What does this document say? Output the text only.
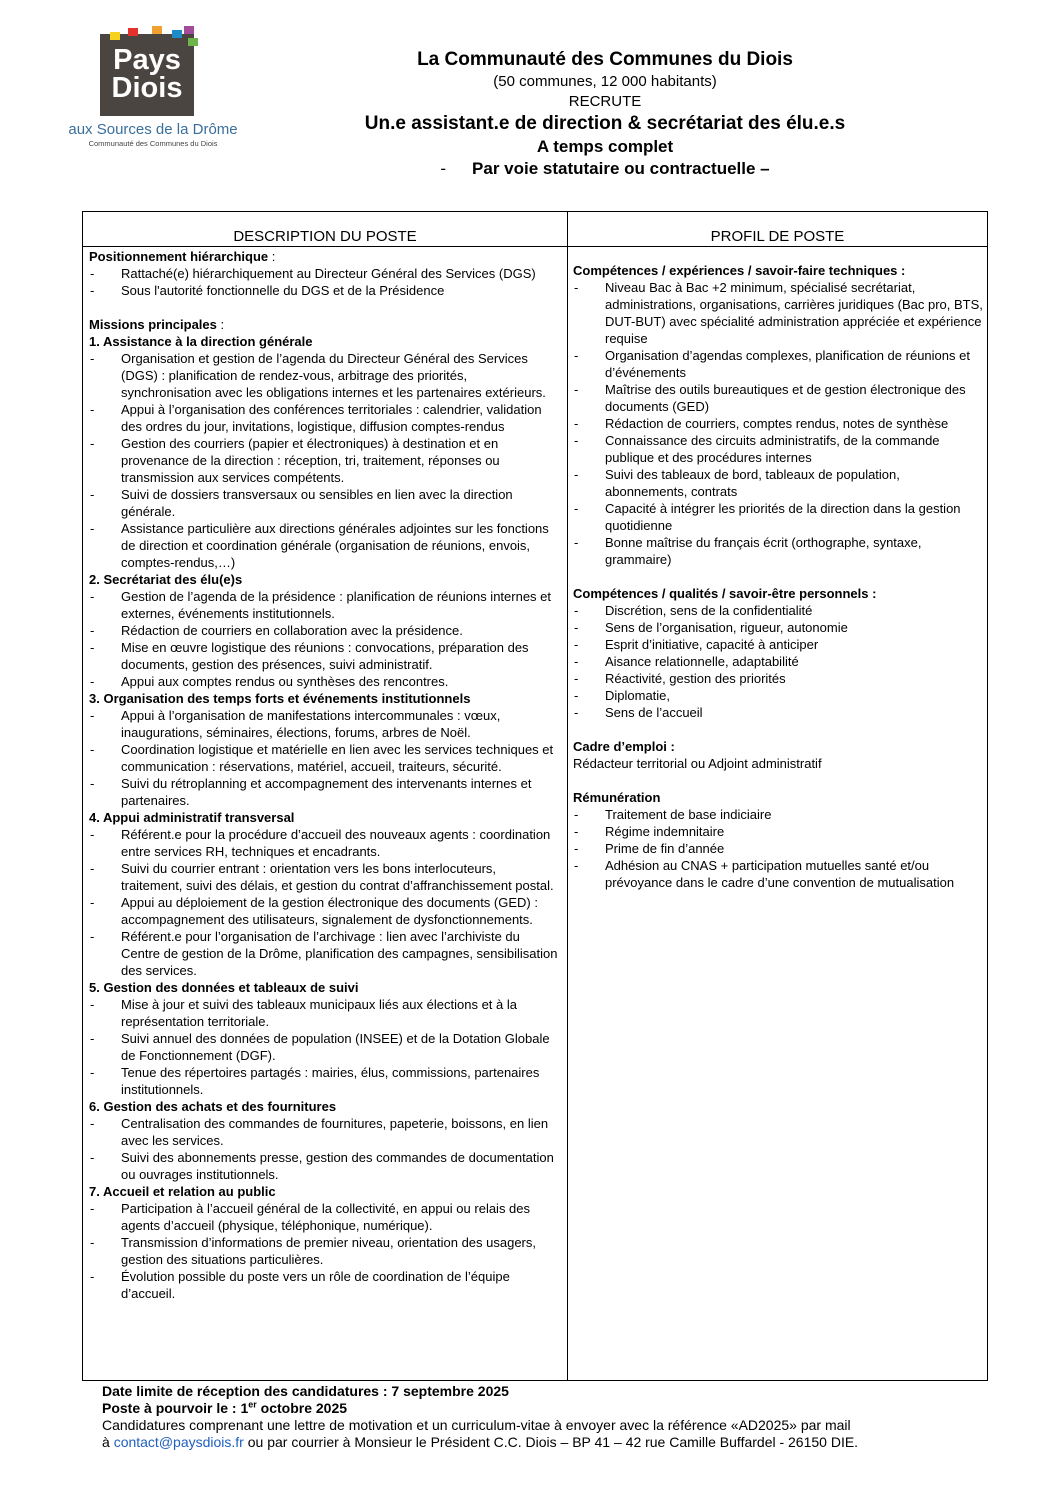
Pays
Diois
aux Sources de la Drôme
Communauté des Communes du Diois
La Communauté des Communes du Diois
(50 communes, 12 000 habitants)
RECRUTE
Un.e assistant.e de direction & secrétariat des élu.e.s
A temps complet
- Par voie statutaire ou contractuelle –
DESCRIPTION DU POSTE	PROFIL DE POSTE
Positionnement hiérarchique :
- Rattaché(e) hiérarchiquement au Directeur Général des Services (DGS)
- Sous l'autorité fonctionnelle du DGS et de la Présidence
Missions principales :
1. Assistance à la direction générale
- Organisation et gestion de l’agenda du Directeur Général des Services (DGS) : planification de rendez-vous, arbitrage des priorités, synchronisation avec les obligations internes et les partenaires extérieurs.
- Appui à l’organisation des conférences territoriales : calendrier, validation des ordres du jour, invitations, logistique, diffusion comptes-rendus
- Gestion des courriers (papier et électroniques) à destination et en provenance de la direction : réception, tri, traitement, réponses ou transmission aux services compétents.
- Suivi de dossiers transversaux ou sensibles en lien avec la direction générale.
- Assistance particulière aux directions générales adjointes sur les fonctions de direction et coordination générale (organisation de réunions, envois, comptes-rendus,…)
2. Secrétariat des élu(e)s
- Gestion de l’agenda de la présidence : planification de réunions internes et externes, événements institutionnels.
- Rédaction de courriers en collaboration avec la présidence.
- Mise en œuvre logistique des réunions : convocations, préparation des documents, gestion des présences, suivi administratif.
- Appui aux comptes rendus ou synthèses des rencontres.
3. Organisation des temps forts et événements institutionnels
- Appui à l’organisation de manifestations intercommunales : vœux, inaugurations, séminaires, élections, forums, arbres de Noël.
- Coordination logistique et matérielle en lien avec les services techniques et communication : réservations, matériel, accueil, traiteurs, sécurité.
- Suivi du rétroplanning et accompagnement des intervenants internes et partenaires.
4. Appui administratif transversal
- Référent.e pour la procédure d’accueil des nouveaux agents : coordination entre services RH, techniques et encadrants.
- Suivi du courrier entrant : orientation vers les bons interlocuteurs, traitement, suivi des délais, et gestion du contrat d’affranchissement postal.
- Appui au déploiement de la gestion électronique des documents (GED) : accompagnement des utilisateurs, signalement de dysfonctionnements.
- Référent.e pour l’organisation de l’archivage : lien avec l’archiviste du Centre de gestion de la Drôme, planification des campagnes, sensibilisation des services.
5. Gestion des données et tableaux de suivi
- Mise à jour et suivi des tableaux municipaux liés aux élections et à la représentation territoriale.
- Suivi annuel des données de population (INSEE) et de la Dotation Globale de Fonctionnement (DGF).
- Tenue des répertoires partagés : mairies, élus, commissions, partenaires institutionnels.
6. Gestion des achats et des fournitures
- Centralisation des commandes de fournitures, papeterie, boissons, en lien avec les services.
- Suivi des abonnements presse, gestion des commandes de documentation ou ouvrages institutionnels.
7. Accueil et relation au public
- Participation à l’accueil général de la collectivité, en appui ou relais des agents d’accueil (physique, téléphonique, numérique).
- Transmission d’informations de premier niveau, orientation des usagers, gestion des situations particulières.
- Évolution possible du poste vers un rôle de coordination de l’équipe d’accueil.
Compétences / expériences / savoir-faire techniques :
- Niveau Bac à Bac +2 minimum, spécialisé secrétariat, administrations, organisations, carrières juridiques (Bac pro, BTS, DUT-BUT) avec spécialité administration appréciée et expérience requise
- Organisation d’agendas complexes, planification de réunions et d’événements
- Maîtrise des outils bureautiques et de gestion électronique des documents (GED)
- Rédaction de courriers, comptes rendus, notes de synthèse
- Connaissance des circuits administratifs, de la commande publique et des procédures internes
- Suivi des tableaux de bord, tableaux de population, abonnements, contrats
- Capacité à intégrer les priorités de la direction dans la gestion quotidienne
- Bonne maîtrise du français écrit (orthographe, syntaxe, grammaire)
Compétences / qualités / savoir-être personnels :
- Discrétion, sens de la confidentialité
- Sens de l’organisation, rigueur, autonomie
- Esprit d’initiative, capacité à anticiper
- Aisance relationnelle, adaptabilité
- Réactivité, gestion des priorités
- Diplomatie,
- Sens de l’accueil
Cadre d’emploi :
Rédacteur territorial ou Adjoint administratif
Rémunération
- Traitement de base indiciaire
- Régime indemnitaire
- Prime de fin d’année
- Adhésion au CNAS + participation mutuelles santé et/ou prévoyance dans le cadre d’une convention de mutualisation
Date limite de réception des candidatures : 7 septembre 2025
Poste à pourvoir le : 1er octobre 2025
Candidatures comprenant une lettre de motivation et un curriculum-vitae à envoyer avec la référence «AD2025» par mail
à contact@paysdiois.fr ou par courrier à Monsieur le Président C.C. Diois – BP 41 – 42 rue Camille Buffardel - 26150 DIE.
